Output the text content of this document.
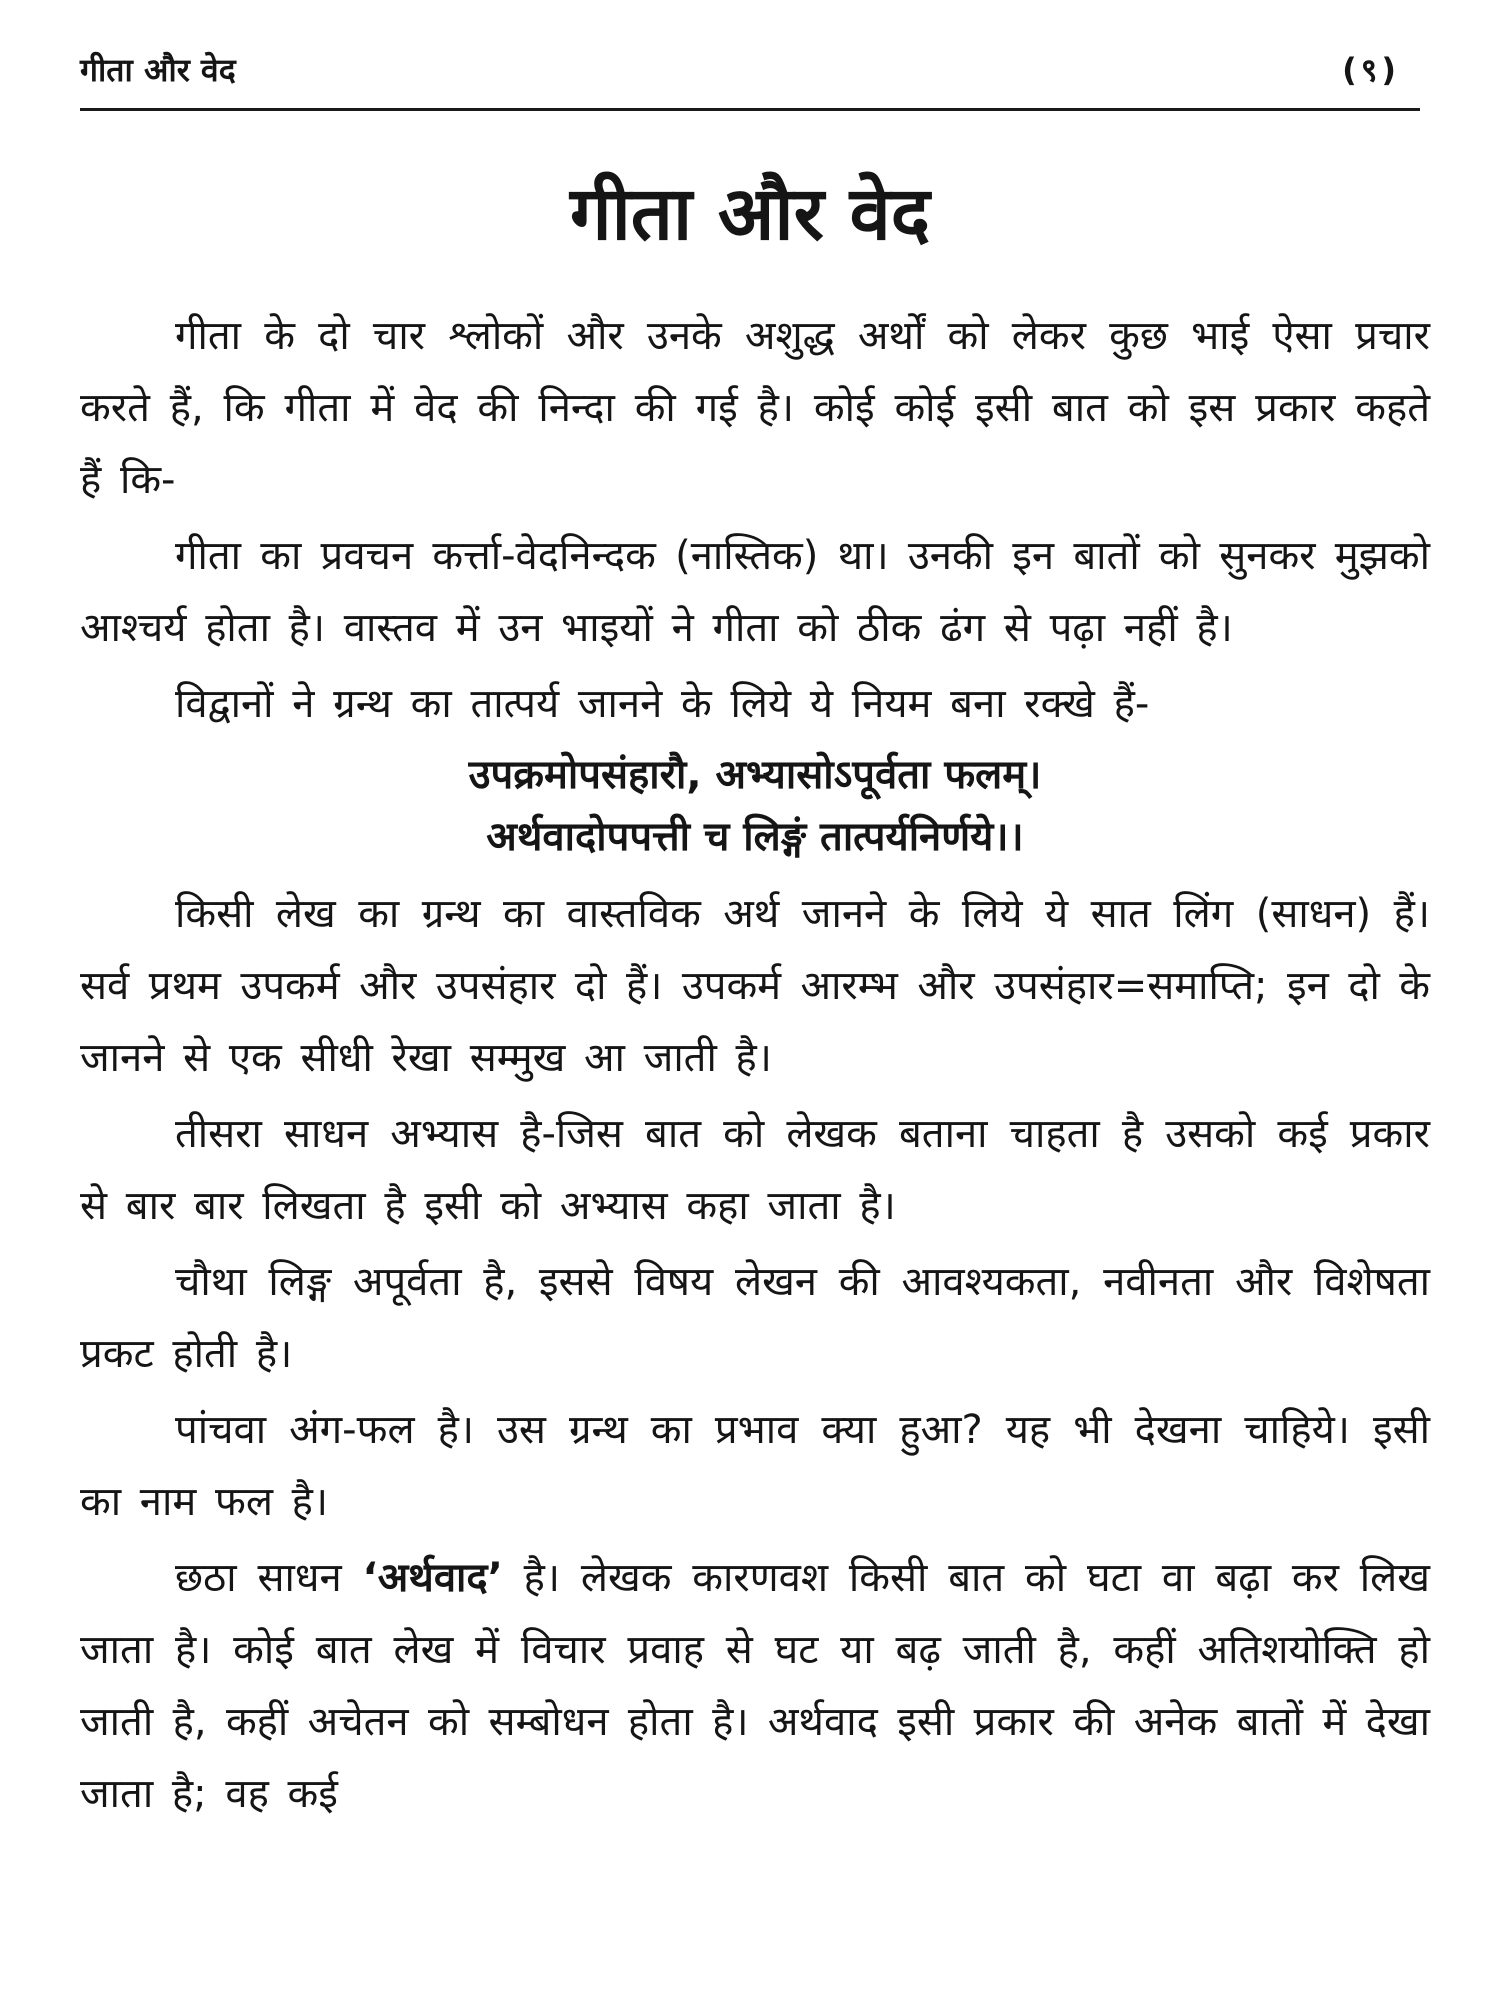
गीता और वेद	(९)
गीता और वेद

गीता के दो चार श्लोकों और उनके अशुद्ध अर्थों को लेकर कुछ भाई ऐसा प्रचार करते हैं, कि गीता में वेद की निन्दा की गई है। कोई कोई इसी बात को इस प्रकार कहते हैं कि-

गीता का प्रवचन कर्त्ता-वेदनिन्दक (नास्तिक) था। उनकी इन बातों को सुनकर मुझको आश्चर्य होता है। वास्तव में उन भाइयों ने गीता को ठीक ढंग से पढ़ा नहीं है।

विद्वानों ने ग्रन्थ का तात्पर्य जानने के लिये ये नियम बना रक्खे हैं-

उपक्रमोपसंहारौ, अभ्यासोऽपूर्वता फलम्।
अर्थवादोपपत्ती च लिङ्गं तात्पर्यनिर्णये।।

किसी लेख का ग्रन्थ का वास्तविक अर्थ जानने के लिये ये सात लिंग (साधन) हैं। सर्व प्रथम उपकर्म और उपसंहार दो हैं। उपकर्म आरम्भ और उपसंहार=समाप्ति; इन दो के जानने से एक सीधी रेखा सम्मुख आ जाती है।

तीसरा साधन अभ्यास है-जिस बात को लेखक बताना चाहता है उसको कई प्रकार से बार बार लिखता है इसी को अभ्यास कहा जाता है।

चौथा लिङ्ग अपूर्वता है, इससे विषय लेखन की आवश्यकता, नवीनता और विशेषता प्रकट होती है।

पांचवा अंग-फल है। उस ग्रन्थ का प्रभाव क्या हुआ? यह भी देखना चाहिये। इसी का नाम फल है।

छठा साधन ‘अर्थवाद’ है। लेखक कारणवश किसी बात को घटा वा बढ़ा कर लिख जाता है। कोई बात लेख में विचार प्रवाह से घट या बढ़ जाती है, कहीं अतिशयोक्ति हो जाती है, कहीं अचेतन को सम्बोधन होता है। अर्थवाद इसी प्रकार की अनेक बातों में देखा जाता है; वह कई
